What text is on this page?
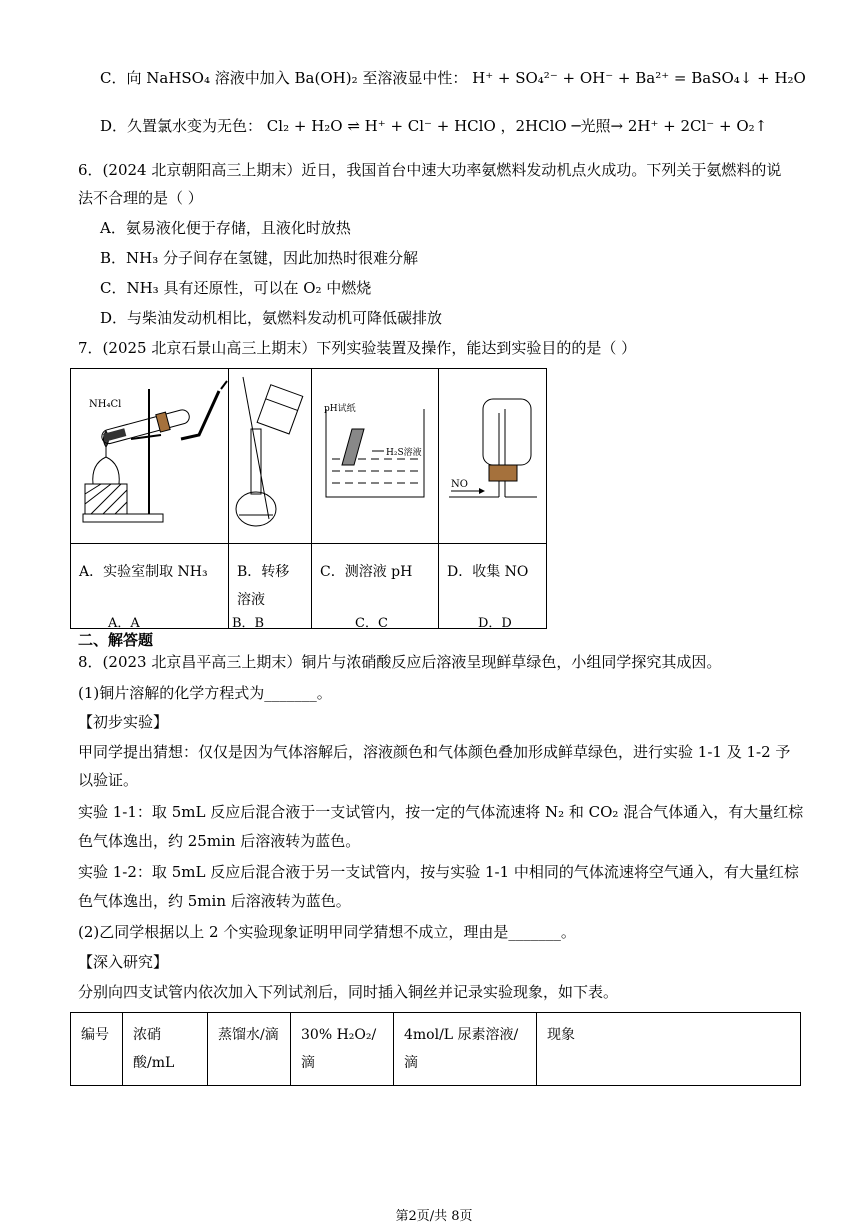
C．向 NaHSO₄ 溶液中加入 Ba(OH)₂ 至溶液显中性： H⁺ + SO₄²⁻ + OH⁻ + Ba²⁺ = BaSO₄↓ + H₂O
D．久置氯水变为无色： Cl₂ + H₂O ⇌ H⁺ + Cl⁻ + HClO ，2HClO ─光照→ 2H⁺ + 2Cl⁻ + O₂↑
6．(2024 北京朝阳高三上期末）近日，我国首台中速大功率氨燃料发动机点火成功。下列关于氨燃料的说
法不合理的是（ ）
A．氨易液化便于存储，且液化时放热
B．NH₃ 分子间存在氢键，因此加热时很难分解
C．NH₃ 具有还原性，可以在 O₂ 中燃烧
D．与柴油发动机相比，氨燃料发动机可降低碳排放
7．(2025 北京石景山高三上期末）下列实验装置及操作，能达到实验目的的是（ ）
NH₄Cl		pH试纸
H₂S溶液	NO

A．实验室制取 NH₃	B．转移溶液	C．测溶液 pH	D．收集 NO
A．A	B．B	C．C	D．D
二、解答题
8．(2023 北京昌平高三上期末）铜片与浓硝酸反应后溶液呈现鲜草绿色，小组同学探究其成因。
(1)铜片溶解的化学方程式为_______。
【初步实验】
甲同学提出猜想：仅仅是因为气体溶解后，溶液颜色和气体颜色叠加形成鲜草绿色，进行实验 1-1 及 1-2 予
以验证。
实验 1-1：取 5mL 反应后混合液于一支试管内，按一定的气体流速将 N₂ 和 CO₂ 混合气体通入，有大量红棕
色气体逸出，约 25min 后溶液转为蓝色。
实验 1-2：取 5mL 反应后混合液于另一支试管内，按与实验 1-1 中相同的气体流速将空气通入，有大量红棕
色气体逸出，约 5min 后溶液转为蓝色。
(2)乙同学根据以上 2 个实验现象证明甲同学猜想不成立，理由是_______。
【深入研究】
分别向四支试管内依次加入下列试剂后，同时插入铜丝并记录实验现象，如下表。
编号	浓硝酸/mL	蒸馏水/滴	30% H₂O₂/滴	4mol/L 尿素溶液/滴	现象
第2页/共 8页
